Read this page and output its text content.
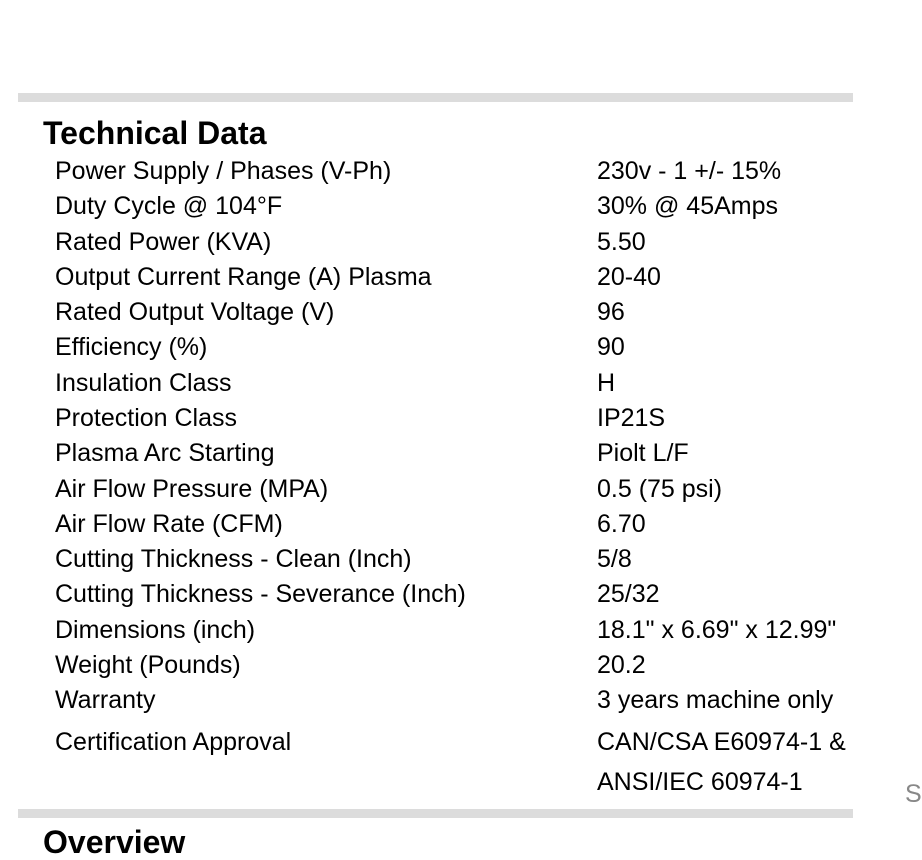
Technical Data
Power Supply / Phases (V-Ph)	230v - 1 +/- 15%
Duty Cycle @ 104°F	30% @ 45Amps
Rated Power (KVA)	5.50
Output Current Range (A) Plasma	20-40
Rated Output Voltage (V)	96
Efficiency (%)	90
Insulation Class	H
Protection Class	IP21S
Plasma Arc Starting	Piolt L/F
Air Flow Pressure (MPA)	0.5 (75 psi)
Air Flow Rate (CFM)	6.70
Cutting Thickness - Clean (Inch)	5/8
Cutting Thickness - Severance (Inch)	25/32
Dimensions (inch)	18.1" x 6.69" x 12.99"
Weight (Pounds)	20.2
Warranty	3 years machine only
Certification Approval	CAN/CSA E60974-1 &
ANSI/IEC 60974-1	S
Overview
